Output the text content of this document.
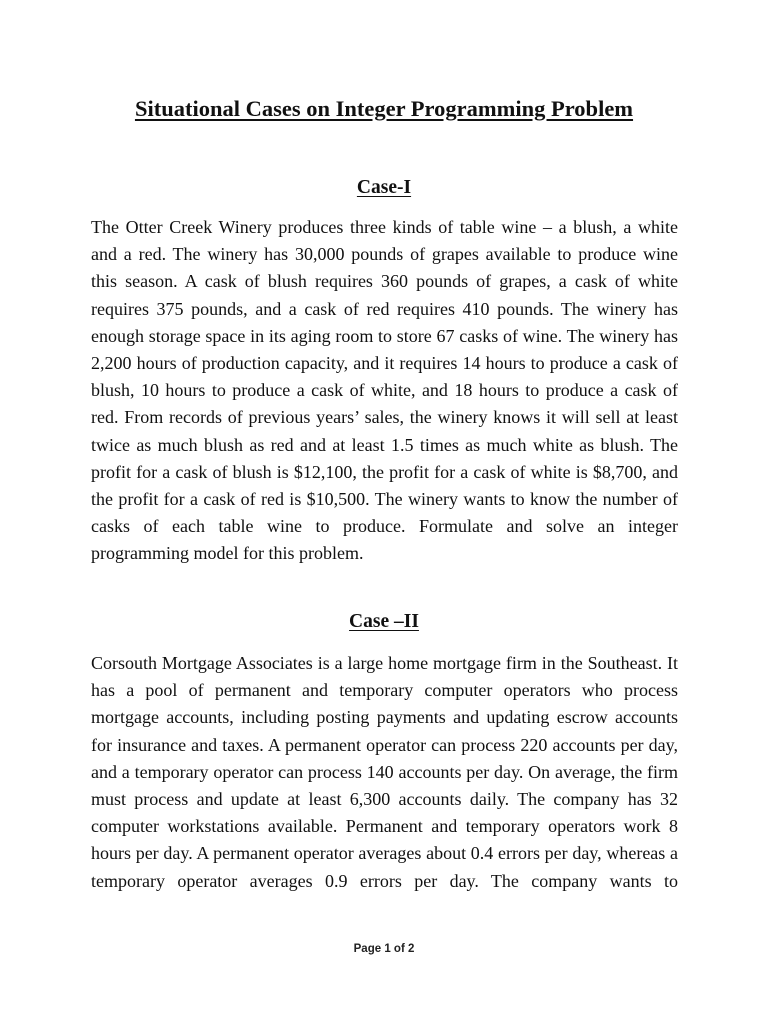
Situational Cases on Integer Programming Problem
Case-I

The Otter Creek Winery produces three kinds of table wine – a blush, a white and a red. The winery has 30,000 pounds of grapes available to produce wine this season. A cask of blush requires 360 pounds of grapes, a cask of white requires 375 pounds, and a cask of red requires 410 pounds. The winery has enough storage space in its aging room to store 67 casks of wine. The winery has 2,200 hours of production capacity, and it requires 14 hours to produce a cask of blush, 10 hours to produce a cask of white, and 18 hours to produce a cask of red. From records of previous years’ sales, the winery knows it will sell at least twice as much blush as red and at least 1.5 times as much white as blush. The profit for a cask of blush is $12,100, the profit for a cask of white is $8,700, and the profit for a cask of red is $10,500. The winery wants to know the number of casks of each table wine to produce. Formulate and solve an integer programming model for this problem.

Case –II

Corsouth Mortgage Associates is a large home mortgage firm in the Southeast. It has a pool of permanent and temporary computer operators who process mortgage accounts, including posting payments and updating escrow accounts for insurance and taxes. A permanent operator can process 220 accounts per day, and a temporary operator can process 140 accounts per day. On average, the firm must process and update at least 6,300 accounts daily. The company has 32 computer workstations available. Permanent and temporary operators work 8 hours per day. A permanent operator averages about 0.4 errors per day, whereas a temporary operator averages 0.9 errors per day. The company wants to

Page 1 of 2
